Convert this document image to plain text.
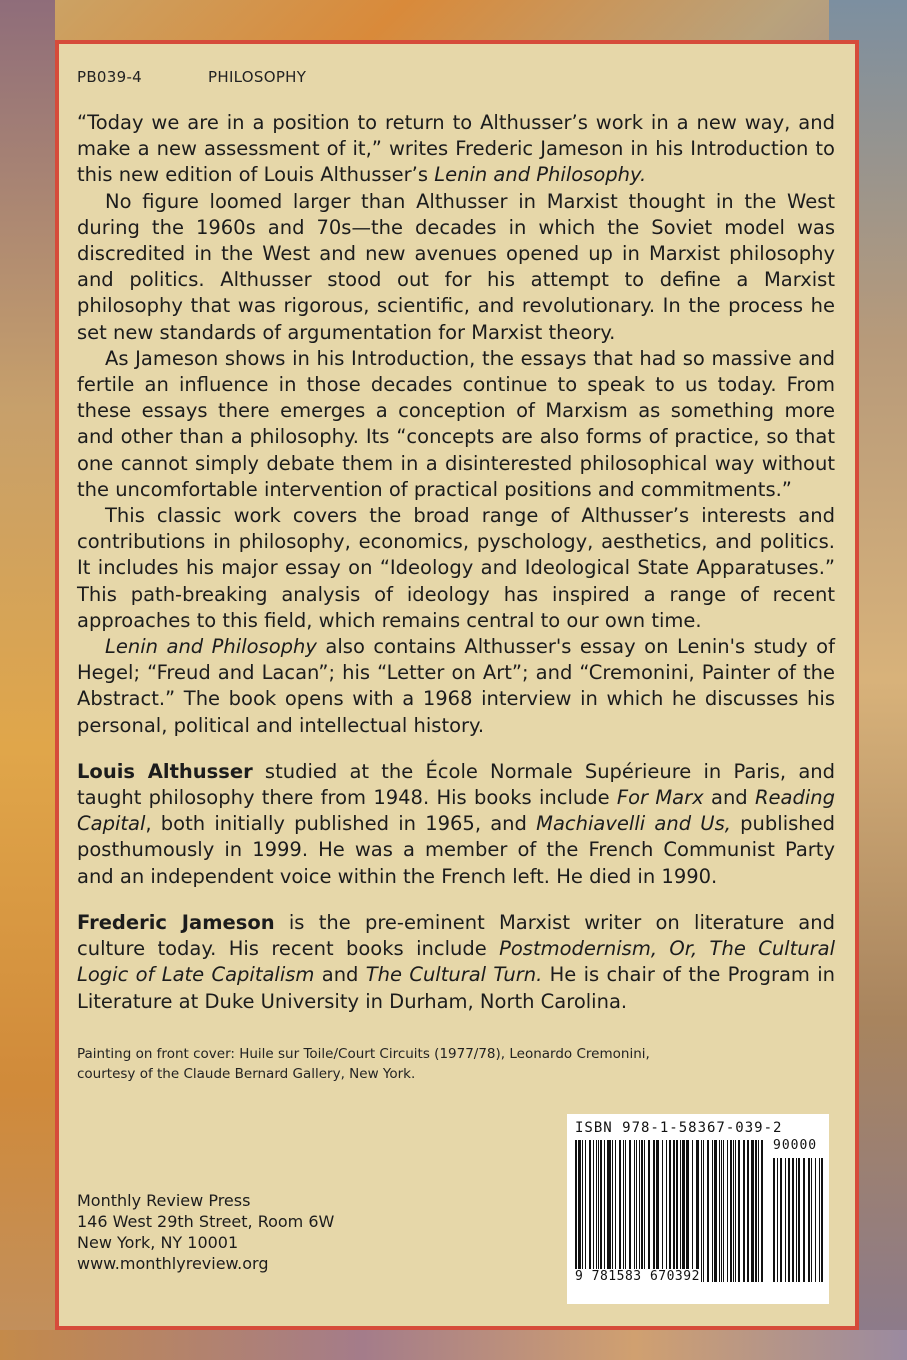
PB039-4	PHILOSOPHY

“Today we are in a position to return to Althusser’s work in a new way, and make a new assessment of it,” writes Frederic Jameson in his Introduction to this new edition of Louis Althusser’s Lenin and Philosophy.

No figure loomed larger than Althusser in Marxist thought in the West during the 1960s and 70s—the decades in which the Soviet model was discredited in the West and new avenues opened up in Marxist philosophy and politics. Althusser stood out for his attempt to define a Marxist philosophy that was rigorous, scientific, and revolutionary. In the process he set new standards of argumentation for Marxist theory.

As Jameson shows in his Introduction, the essays that had so massive and fertile an influence in those decades continue to speak to us today. From these essays there emerges a conception of Marxism as something more and other than a philosophy. Its “concepts are also forms of practice, so that one cannot simply debate them in a disinterested philosophical way without the uncomfortable intervention of practical positions and commitments.”

This classic work covers the broad range of Althusser’s interests and contributions in philosophy, economics, pyschology, aesthetics, and politics. It includes his major essay on “Ideology and Ideological State Apparatuses.” This path-breaking analysis of ideology has inspired a range of recent approaches to this field, which remains central to our own time.

Lenin and Philosophy also contains Althusser's essay on Lenin's study of Hegel; “Freud and Lacan”; his “Letter on Art”; and “Cremonini, Painter of the Abstract.” The book opens with a 1968 interview in which he discusses his personal, political and intellectual history.

Louis Althusser studied at the École Normale Supérieure in Paris, and taught philosophy there from 1948. His books include For Marx and Reading Capital, both initially published in 1965, and Machiavelli and Us, published posthumously in 1999. He was a member of the French Communist Party and an independent voice within the French left. He died in 1990.

Frederic Jameson is the pre-eminent Marxist writer on literature and culture today. His recent books include Postmodernism, Or, The Cultural Logic of Late Capitalism and The Cultural Turn. He is chair of the Program in Literature at Duke University in Durham, North Carolina.

Painting on front cover: Huile sur Toile/Court Circuits (1977/78), Leonardo Cremonini,
courtesy of the Claude Bernard Gallery, New York.
ISBN 978-1-58367-039-2
90000
9 781583 670392
Monthly Review Press
146 West 29th Street, Room 6W
New York, NY 10001
www.monthlyreview.org
